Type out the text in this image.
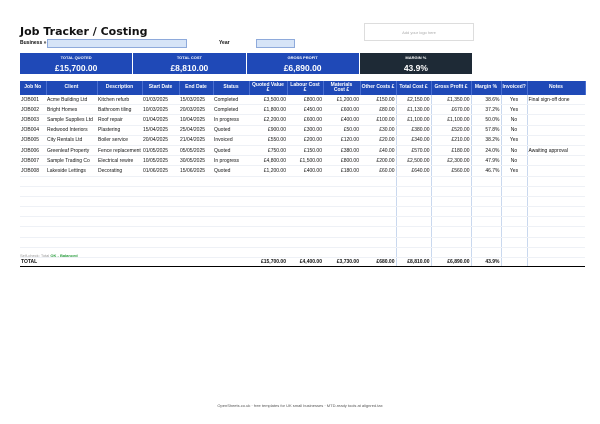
Job Tracker / Costing	Add your logo here
Business »	Year
TOTAL QUOTED
£15,700.00
TOTAL COST
£8,810.00
GROSS PROFIT
£6,890.00
MARGIN %
43.9%
Job No	Client	Description	Start Date	End Date	Status	Quoted Value £	Labour Cost £	Materials Cost £	Other Costs £	Total Cost £	Gross Profit £	Margin %	Invoiced?	Notes
JOB001	Acme Building Ltd	Kitchen refurb	01/03/2025	15/03/2025	Completed	£3,500.00	£800.00	£1,200.00	£150.00	£2,150.00	£1,350.00	38.6%	Yes	Final sign-off done
JOB002	Bright Homes	Bathroom tiling	10/03/2025	20/03/2025	Completed	£1,800.00	£450.00	£600.00	£80.00	£1,130.00	£670.00	37.2%	Yes	
JOB003	Sample Supplies Ltd	Roof repair	01/04/2025	10/04/2025	In progress	£2,200.00	£600.00	£400.00	£100.00	£1,100.00	£1,100.00	50.0%	No	
JOB004	Redwood Interiors	Plastering	15/04/2025	25/04/2025	Quoted	£900.00	£300.00	£50.00	£30.00	£380.00	£520.00	57.8%	No	
JOB005	City Rentals Ltd	Boiler service	20/04/2025	21/04/2025	Invoiced	£550.00	£200.00	£120.00	£20.00	£340.00	£210.00	38.2%	Yes	
JOB006	Greenleaf Property	Fence replacement	01/05/2025	05/05/2025	Quoted	£750.00	£150.00	£380.00	£40.00	£570.00	£180.00	24.0%	No	Awaiting approval
JOB007	Sample Trading Co	Electrical rewire	10/05/2025	30/05/2025	In progress	£4,800.00	£1,500.00	£800.00	£200.00	£2,500.00	£2,300.00	47.9%	No	
JOB008	Lakeside Lettings	Decorating	01/06/2025	15/06/2025	Quoted	£1,200.00	£400.00	£180.00	£60.00	£640.00	£560.00	46.7%	Yes	

TOTAL						£15,700.00	£4,400.00	£3,730.00	£680.00	£8,810.00	£6,890.00	43.9%		
Self-check: Total OK - Balanced
OpenSheets.co.uk · free templates for UK small businesses · MTD-ready tools at alignred.tax
